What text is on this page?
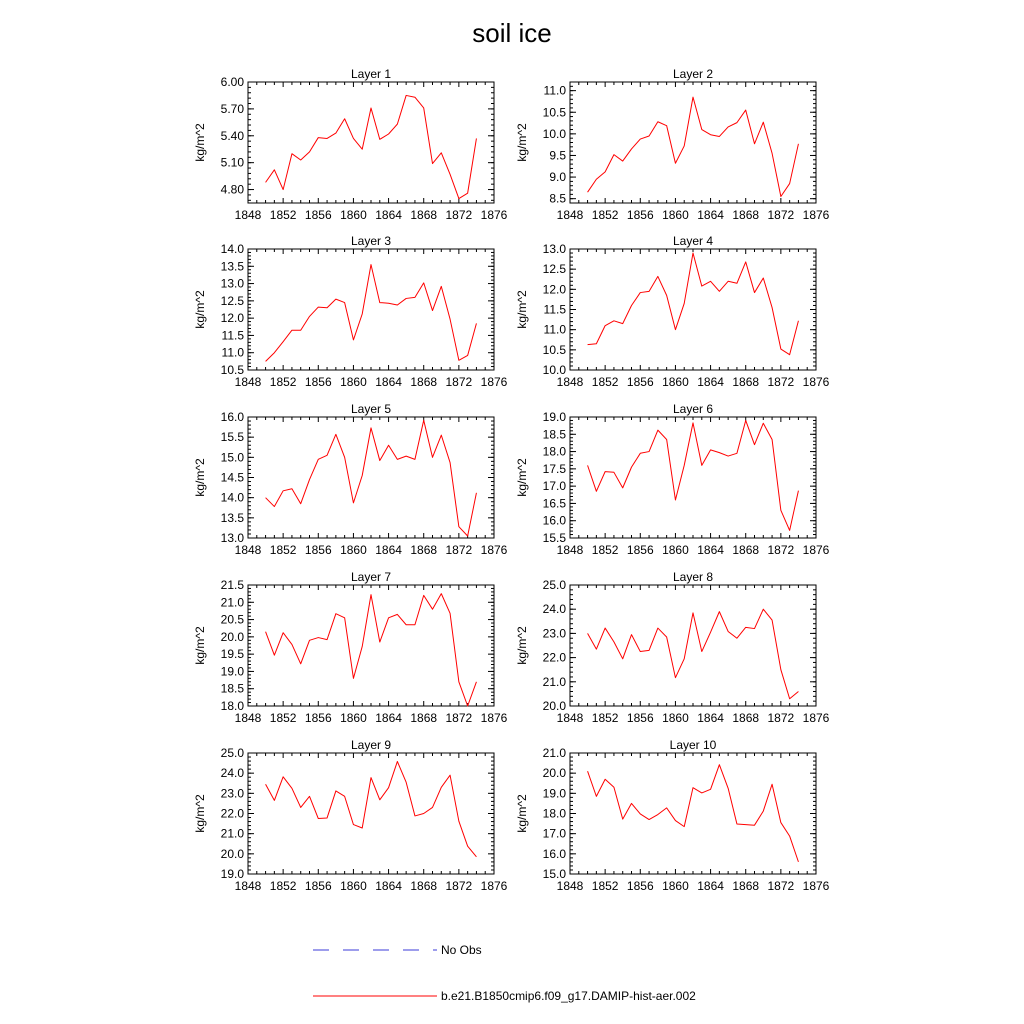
soil ice
Layer 1
1848 1852 1856 1860 1864 1868 1872 1876
4.80
5.10
5.40
5.70
6.00
kg/m^2
Layer 2
1848 1852 1856 1860 1864 1868 1872 1876
8.5
9.0
9.5
10.0
10.5
11.0
kg/m^2
Layer 3
1848 1852 1856 1860 1864 1868 1872 1876
10.5
11.0
11.5
12.0
12.5
13.0
13.5
14.0
kg/m^2
Layer 4
1848 1852 1856 1860 1864 1868 1872 1876
10.0
10.5
11.0
11.5
12.0
12.5
13.0
kg/m^2
Layer 5
1848 1852 1856 1860 1864 1868 1872 1876
13.0
13.5
14.0
14.5
15.0
15.5
16.0
kg/m^2
Layer 6
1848 1852 1856 1860 1864 1868 1872 1876
15.5
16.0
16.5
17.0
17.5
18.0
18.5
19.0
kg/m^2
Layer 7
1848 1852 1856 1860 1864 1868 1872 1876
18.0
18.5
19.0
19.5
20.0
20.5
21.0
21.5
kg/m^2
Layer 8
1848 1852 1856 1860 1864 1868 1872 1876
20.0
21.0
22.0
23.0
24.0
25.0
kg/m^2
Layer 9
1848 1852 1856 1860 1864 1868 1872 1876
19.0
20.0
21.0
22.0
23.0
24.0
25.0
kg/m^2
Layer 10
1848 1852 1856 1860 1864 1868 1872 1876
15.0
16.0
17.0
18.0
19.0
20.0
21.0
kg/m^2
No Obs
b.e21.B1850cmip6.f09_g17.DAMIP-hist-aer.002
